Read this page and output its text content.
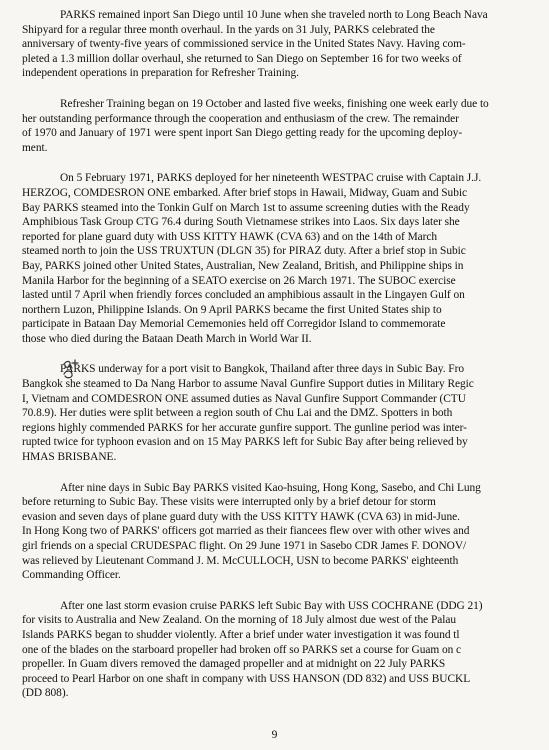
PARKS remained inport San Diego until 10 June when she traveled north to Long Beach Nava
Shipyard for a regular three month overhaul. In the yards on 31 July, PARKS celebrated the
anniversary of twenty-five years of commissioned service in the United States Navy. Having com-
pleted a 1.3 million dollar overhaul, she returned to San Diego on September 16 for two weeks of
independent operations in preparation for Refresher Training.
Refresher Training began on 19 October and lasted five weeks, finishing one week early due to
her outstanding performance through the cooperation and enthusiasm of the crew. The remainder
of 1970 and January of 1971 were spent inport San Diego getting ready for the upcoming deploy-
ment.
On 5 February 1971, PARKS deployed for her nineteenth WESTPAC cruise with Captain J.J.
HERZOG, COMDESRON ONE embarked. After brief stops in Hawaii, Midway, Guam and Subic
Bay PARKS steamed into the Tonkin Gulf on March 1st to assume screening duties with the Ready
Amphibious Task Group CTG 76.4 during South Vietnamese strikes into Laos. Six days later she
reported for plane guard duty with USS KITTY HAWK (CVA 63) and on the 14th of March
steamed north to join the USS TRUXTUN (DLGN 35) for PIRAZ duty. After a brief stop in Subic
Bay, PARKS joined other United States, Australian, New Zealand, British, and Philippine ships in
Manila Harbor for the beginning of a SEATO exercise on 26 March 1971. The SUBOC exercise
lasted until 7 April when friendly forces concluded an amphibious assault in the Lingayen Gulf on
northern Luzon, Philippine Islands. On 9 April PARKS became the first United States ship to
participate in Bataan Day Memorial Cememonies held off Corregidor Island to commemorate
those who died during the Bataan Death March in World War II.
PARKS underway for a port visit to Bangkok, Thailand after three days in Subic Bay. Fro
Bangkok she steamed to Da Nang Harbor to assume Naval Gunfire Support duties in Military Regic
I, Vietnam and COMDESRON ONE assumed duties as Naval Gunfire Support Commander (CTU
70.8.9). Her duties were split between a region south of Chu Lai and the DMZ. Spotters in both
regions highly commended PARKS for her accurate gunfire support. The gunline period was inter-
rupted twice for typhoon evasion and on 15 May PARKS left for Subic Bay after being relieved by
HMAS BRISBANE.
After nine days in Subic Bay PARKS visited Kao-hsuing, Hong Kong, Sasebo, and Chi Lung
before returning to Subic Bay. These visits were interrupted only by a brief detour for storm
evasion and seven days of plane guard duty with the USS KITTY HAWK (CVA 63) in mid-June.
In Hong Kong two of PARKS' officers got married as their fiancees flew over with other wives and
girl friends on a special CRUDESPAC flight. On 29 June 1971 in Sasebo CDR James F. DONOV/
was relieved by Lieutenant Command J. M. McCULLOCH, USN to become PARKS' eighteenth
Commanding Officer.
After one last storm evasion cruise PARKS left Subic Bay with USS COCHRANE (DDG 21)
for visits to Australia and New Zealand. On the morning of 18 July almost due west of the Palau
Islands PARKS began to shudder violently. After a brief under water investigation it was found tl
one of the blades on the starboard propeller had broken off so PARKS set a course for Guam on c
propeller. In Guam divers removed the damaged propeller and at midnight on 22 July PARKS
proceed to Pearl Harbor on one shaft in company with USS HANSON (DD 832) and USS BUCKL
(DD 808).
9
